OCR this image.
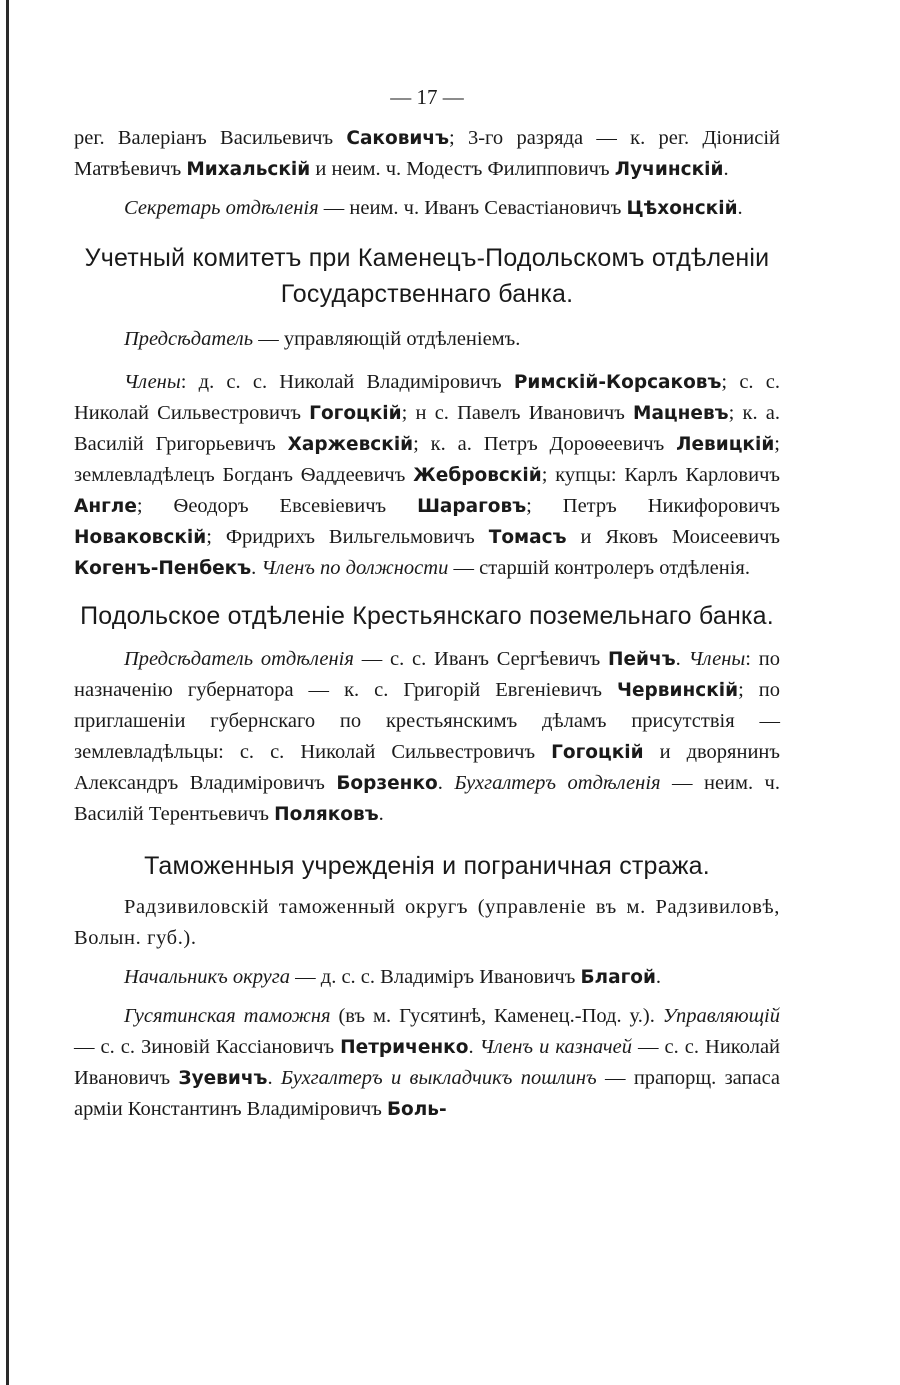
— 17 —

рег. Валеріанъ Васильевичъ Саковичъ; 3-го разряда — к. рег. Діонисій Матвѣевичъ Михальскій и неим. ч. Модестъ Филипповичъ Лучинскій.

Секретарь отдѣленія — неим. ч. Иванъ Севастіановичъ Цѣхонскій.

Учетный комитетъ при Каменецъ-Подольскомъ отдѣленіи
Государственнаго банка.

Предсѣдатель — управляющій отдѣленіемъ.

Члены: д. с. с. Николай Владиміровичъ Римскій-Корсаковъ; с. с. Николай Сильвестровичъ Гогоцкій; н с. Павелъ Ивановичъ Мацневъ; к. а. Василій Григорьевичъ Харжевскій; к. а. Петръ Дороѳеевичъ Левицкій; землевладѣлецъ Богданъ Ѳаддеевичъ Жебровскій; купцы: Карлъ Карловичъ Англе; Ѳеодоръ Евсевіевичъ Шараговъ; Петръ Никифоровичъ Новаковскій; Фридрихъ Вильгельмовичъ Томасъ и Яковъ Моисеевичъ Когенъ-Пенбекъ. Членъ по должности — старшій контролеръ отдѣленія.

Подольское отдѣленіе Крестьянскаго поземельнаго банка.

Предсѣдатель отдѣленія — с. с. Иванъ Сергѣевичъ Пейчъ. Члены: по назначенію губернатора — к. с. Григорій Евгеніевичъ Червинскій; по приглашеніи губернскаго по крестьянскимъ дѣламъ присутствія — землевладѣльцы: с. с. Николай Сильвестровичъ Гогоцкій и дворянинъ Александръ Владиміровичъ Борзенко. Бухгалтеръ отдѣленія — неим. ч. Василій Терентьевичъ Поляковъ.

Таможенныя учрежденія и пограничная стража.

Радзивиловскій таможенный округъ (управленіе въ м. Радзивиловѣ, Волын. губ.).

Начальникъ округа — д. с. с. Владиміръ Ивановичъ Благой.

Гусятинская таможня (въ м. Гусятинѣ, Каменец.-Под. у.). Управляющій — с. с. Зиновій Кассіановичъ Петриченко. Членъ и казначей — с. с. Николай Ивановичъ Зуевичъ. Бухгалтеръ и выкладчикъ пошлинъ — прапорщ. запаса арміи Константинъ Владиміровичъ Боль-
